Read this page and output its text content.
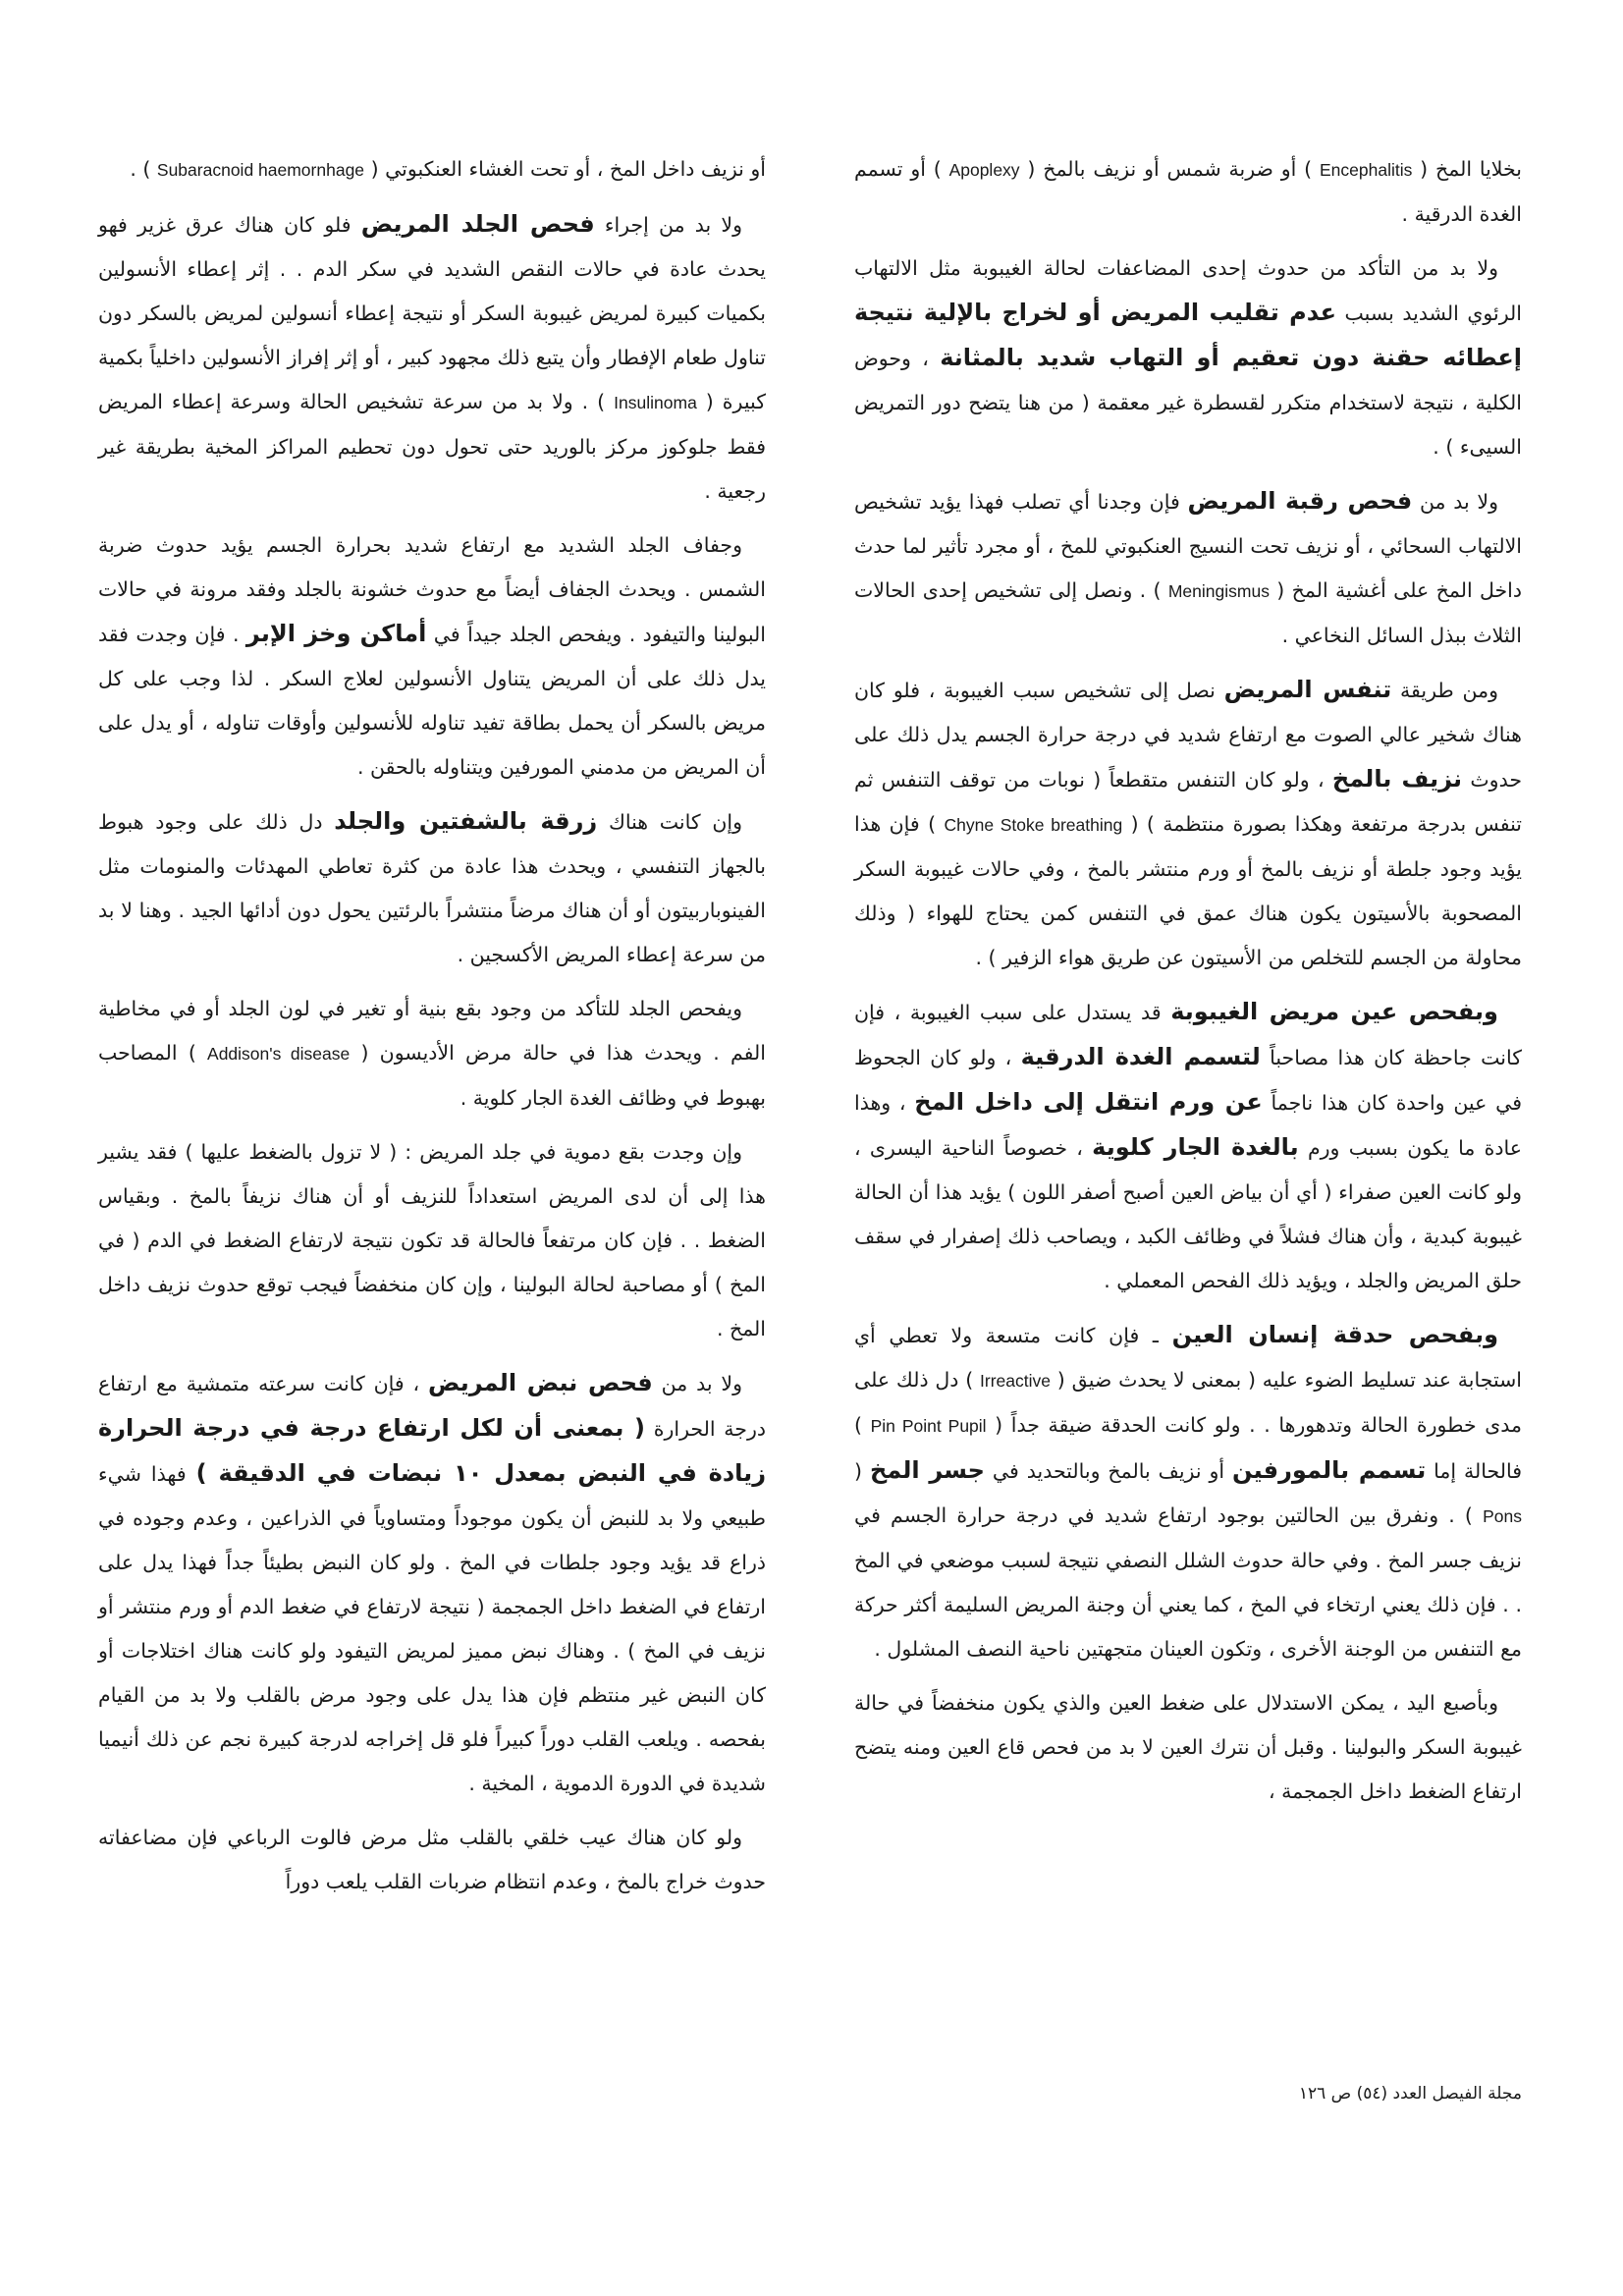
بخلايا المخ ( Encephalitis ) أو ضربة شمس أو نزيف بالمخ ( Apoplexy ) أو تسمم الغدة الدرقية .

ولا بد من التأكد من حدوث إحدى المضاعفات لحالة الغيبوبة مثل الالتهاب الرئوي الشديد بسبب عدم تقليب المريض أو لخراج بالإلية نتيجة إعطائه حقنة دون تعقيم أو التهاب شديد بالمثانة ، وحوض الكلية ، نتيجة لاستخدام متكرر لقسطرة غير معقمة ( من هنا يتضح دور التمريض السيىء ) .

ولا بد من فحص رقبة المريض فإن وجدنا أي تصلب فهذا يؤيد تشخيص الالتهاب السحائي ، أو نزيف تحت النسيج العنكبوتي للمخ ، أو مجرد تأثير لما حدث داخل المخ على أغشية المخ ( Meningismus ) . ونصل إلى تشخيص إحدى الحالات الثلاث ببذل السائل النخاعي .

ومن طريقة تنفس المريض نصل إلى تشخيص سبب الغيبوبة ، فلو كان هناك شخير عالي الصوت مع ارتفاع شديد في درجة حرارة الجسم يدل ذلك على حدوث نزيف بالمخ ، ولو كان التنفس متقطعاً ( نوبات من توقف التنفس ثم تنفس بدرجة مرتفعة وهكذا بصورة منتظمة ) ( Chyne Stoke breathing ) فإن هذا يؤيد وجود جلطة أو نزيف بالمخ أو ورم منتشر بالمخ ، وفي حالات غيبوبة السكر المصحوبة بالأسيتون يكون هناك عمق في التنفس كمن يحتاج للهواء ( وذلك محاولة من الجسم للتخلص من الأسيتون عن طريق هواء الزفير ) .

وبفحص عين مريض الغيبوبة قد يستدل على سبب الغيبوبة ، فإن كانت جاحظة كان هذا مصاحباً لتسمم الغدة الدرقية ، ولو كان الجحوظ في عين واحدة كان هذا ناجماً عن ورم انتقل إلى داخل المخ ، وهذا عادة ما يكون بسبب ورم بالغدة الجار كلوية ، خصوصاً الناحية اليسرى ، ولو كانت العين صفراء ( أي أن بياض العين أصبح أصفر اللون ) يؤيد هذا أن الحالة غيبوبة كبدية ، وأن هناك فشلاً في وظائف الكبد ، ويصاحب ذلك إصفرار في سقف حلق المريض والجلد ، ويؤيد ذلك الفحص المعملي .

وبفحص حدقة إنسان العين ـ فإن كانت متسعة ولا تعطي أي استجابة عند تسليط الضوء عليه ( بمعنى لا يحدث ضيق ( Irreactive ) دل ذلك على مدى خطورة الحالة وتدهورها . . ولو كانت الحدقة ضيقة جداً ( Pin Point Pupil ) فالحالة إما تسمم بالمورفين أو نزيف بالمخ وبالتحديد في جسر المخ ( Pons ) . ونفرق بين الحالتين بوجود ارتفاع شديد في درجة حرارة الجسم في نزيف جسر المخ . وفي حالة حدوث الشلل النصفي نتيجة لسبب موضعي في المخ . . فإن ذلك يعني ارتخاء في المخ ، كما يعني أن وجنة المريض السليمة أكثر حركة مع التنفس من الوجنة الأخرى ، وتكون العينان متجهتين ناحية النصف المشلول .

وبأصبع اليد ، يمكن الاستدلال على ضغط العين والذي يكون منخفضاً في حالة غيبوبة السكر والبولينا . وقبل أن نترك العين لا بد من فحص قاع العين ومنه يتضح ارتفاع الضغط داخل الجمجمة ،

أو نزيف داخل المخ ، أو تحت الغشاء العنكبوتي ( Subaracnoid haemornhage ) .

ولا بد من إجراء فحص الجلد المريض فلو كان هناك عرق غزير فهو يحدث عادة في حالات النقص الشديد في سكر الدم . . إثر إعطاء الأنسولين بكميات كبيرة لمريض غيبوبة السكر أو نتيجة إعطاء أنسولين لمريض بالسكر دون تناول طعام الإفطار وأن يتبع ذلك مجهود كبير ، أو إثر إفراز الأنسولين داخلياً بكمية كبيرة ( Insulinoma ) . ولا بد من سرعة تشخيص الحالة وسرعة إعطاء المريض فقط جلوكوز مركز بالوريد حتى تحول دون تحطيم المراكز المخية بطريقة غير رجعية .

وجفاف الجلد الشديد مع ارتفاع شديد بحرارة الجسم يؤيد حدوث ضربة الشمس . ويحدث الجفاف أيضاً مع حدوث خشونة بالجلد وفقد مرونة في حالات البولينا والتيفود . ويفحص الجلد جيداً في أماكن وخز الإبر . فإن وجدت فقد يدل ذلك على أن المريض يتناول الأنسولين لعلاج السكر . لذا وجب على كل مريض بالسكر أن يحمل بطاقة تفيد تناوله للأنسولين وأوقات تناوله ، أو يدل على أن المريض من مدمني المورفين ويتناوله بالحقن .

وإن كانت هناك زرقة بالشفتين والجلد دل ذلك على وجود هبوط بالجهاز التنفسي ، ويحدث هذا عادة من كثرة تعاطي المهدئات والمنومات مثل الفينوباربيتون أو أن هناك مرضاً منتشراً بالرئتين يحول دون أدائها الجيد . وهنا لا بد من سرعة إعطاء المريض الأكسجين .

ويفحص الجلد للتأكد من وجود بقع بنية أو تغير في لون الجلد أو في مخاطية الفم . ويحدث هذا في حالة مرض الأديسون ( Addison's disease ) المصاحب بهبوط في وظائف الغدة الجار كلوية .

وإن وجدت بقع دموية في جلد المريض : ( لا تزول بالضغط عليها ) فقد يشير هذا إلى أن لدى المريض استعداداً للنزيف أو أن هناك نزيفاً بالمخ . وبقياس الضغط . . فإن كان مرتفعاً فالحالة قد تكون نتيجة لارتفاع الضغط في الدم ( في المخ ) أو مصاحبة لحالة البولينا ، وإن كان منخفضاً فيجب توقع حدوث نزيف داخل المخ .

ولا بد من فحص نبض المريض ، فإن كانت سرعته متمشية مع ارتفاع درجة الحرارة ( بمعنى أن لكل ارتفاع درجة في درجة الحرارة زيادة في النبض بمعدل ١٠ نبضات في الدقيقة ) فهذا شيء طبيعي ولا بد للنبض أن يكون موجوداً ومتساوياً في الذراعين ، وعدم وجوده في ذراع قد يؤيد وجود جلطات في المخ . ولو كان النبض بطيئاً جداً فهذا يدل على ارتفاع في الضغط داخل الجمجمة ( نتيجة لارتفاع في ضغط الدم أو ورم منتشر أو نزيف في المخ ) . وهناك نبض مميز لمريض التيفود ولو كانت هناك اختلاجات أو كان النبض غير منتظم فإن هذا يدل على وجود مرض بالقلب ولا بد من القيام بفحصه . ويلعب القلب دوراً كبيراً فلو قل إخراجه لدرجة كبيرة نجم عن ذلك أنيميا شديدة في الدورة الدموية ، المخية .

ولو كان هناك عيب خلقي بالقلب مثل مرض فالوت الرباعي فإن مضاعفاته حدوث خراج بالمخ ، وعدم انتظام ضربات القلب يلعب دوراً

مجلة الفيصل العدد (٥٤) ص ١٢٦
